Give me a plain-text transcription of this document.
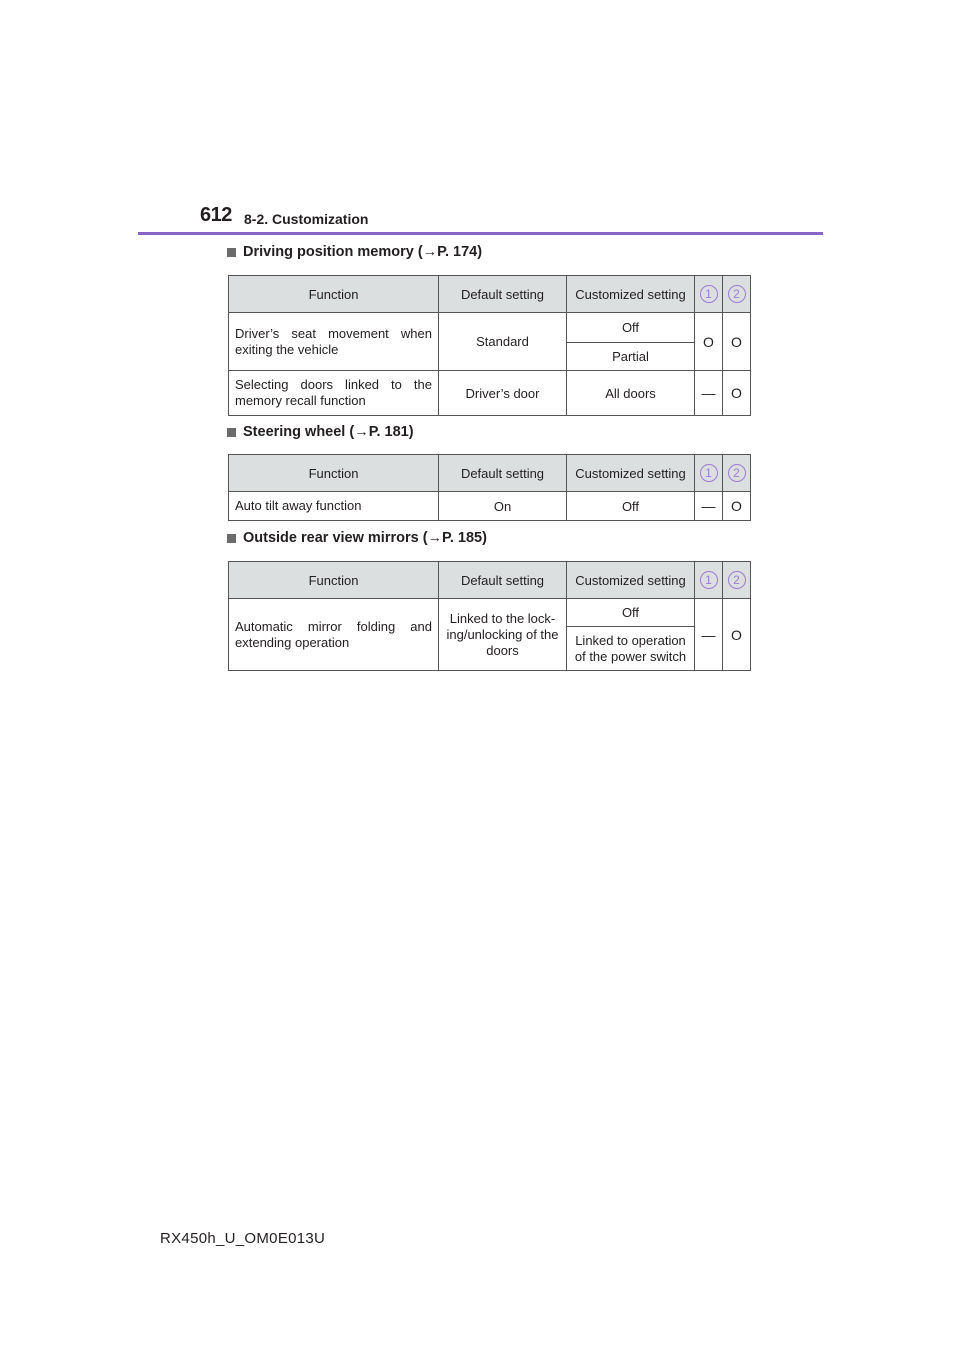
612 8-2. Customization
Driving position memory (→P. 174)
Function	Default setting	Customized setting	1	2
Driver’s seat movement when exiting the vehicle	Standard	Off	O	O
		Partial		
Selecting doors linked to the memory recall function	Driver’s door	All doors	—	O
Steering wheel (→P. 181)
Function	Default setting	Customized setting	1	2
Auto tilt away function	On	Off	—	O
Outside rear view mirrors (→P. 185)
Function	Default setting	Customized setting	1	2
Automatic mirror folding and extending operation	Linked to the lock-ing/unlocking of the doors	Off	—	O
		Linked to operation of the power switch		
RX450h_U_OM0E013U
